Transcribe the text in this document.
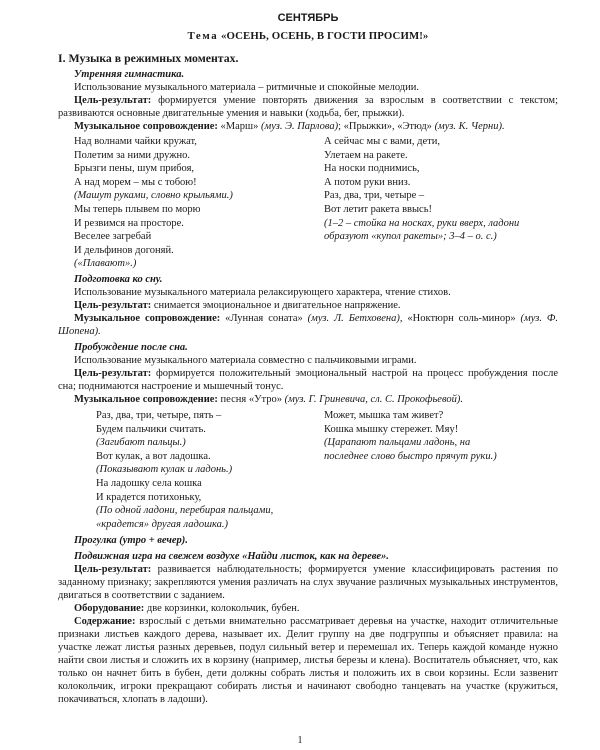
СЕНТЯБРЬ
Тема «ОСЕНЬ, ОСЕНЬ, В ГОСТИ ПРОСИМ!»
I. Музыка в режимных моментах.
Утренняя гимнастика.

Использование музыкального материала – ритмичные и спокойные мелодии.

Цель-результат: формируется умение повторять движения за взрослым в соответствии с текстом; развиваются основные двигательные умения и навыки (ходьба, бег, прыжки).

Музыкальное сопровождение: «Марш» (муз. Э. Парлова); «Прыжки», «Этюд» (муз. К. Черни).

Над волнами чайки кружат,
Полетим за ними дружно.
Брызги пены, шум прибоя,
А над морем – мы с тобою!
(Машут руками, словно крыльями.)
Мы теперь плывем по морю
И резвимся на просторе.
Веселее загребай
И дельфинов догоняй.
(«Плавают».)
А сейчас мы с вами, дети,
Улетаем на ракете.
На носки поднимись,
А потом руки вниз.
Раз, два, три, четыре –
Вот летит ракета ввысь!
(1–2 – стойка на носках, руки вверх, ладони образуют «купол ракеты»; 3–4 – о. с.)
Подготовка ко сну.

Использование музыкального материала релаксирующего характера, чтение стихов.

Цель-результат: снимается эмоциональное и двигательное напряжение.

Музыкальное сопровождение: «Лунная соната» (муз. Л. Бетховена), «Ноктюрн соль-минор» (муз. Ф. Шопена).

Пробуждение после сна.

Использование музыкального материала совместно с пальчиковыми играми.

Цель-результат: формируется положительный эмоциональный настрой на процесс пробуждения после сна; поднимаются настроение и мышечный тонус.

Музыкальное сопровождение: песня «Утро» (муз. Г. Гриневича, сл. С. Прокофьевой).

Раз, два, три, четыре, пять –
Будем пальчики считать.
(Загибают пальцы.)
Вот кулак, а вот ладошка.
(Показывают кулак и ладонь.)
На ладошку села кошка
И крадется потихоньку,
(По одной ладони, перебирая пальцами, «крадется» другая ладошка.)
Может, мышка там живет?
Кошка мышку стережет. Мяу!
(Царапают пальцами ладонь, на последнее слово быстро прячут руки.)
Прогулка (утро + вечер).
Подвижная игра на свежем воздухе «Найди листок, как на дереве».

Цель-результат: развивается наблюдательность; формируется умение классифицировать растения по заданному признаку; закрепляются умения различать на слух звучание различных музыкальных инструментов, двигаться в соответствии с заданием.

Оборудование: две корзинки, колокольчик, бубен.

Содержание: взрослый с детьми внимательно рассматривает деревья на участке, находит отличительные признаки листьев каждого дерева, называет их. Делит группу на две подгруппы и объясняет правила: на участке лежат листья разных деревьев, подул сильный ветер и перемешал их. Теперь каждой команде нужно найти свои листья и сложить их в корзину (например, листья березы и клена). Воспитатель объясняет, что, как только он начнет бить в бубен, дети должны собрать листья и положить их в свои корзины. Если зазвенит колокольчик, игроки прекращают собирать листья и начинают свободно танцевать на участке (кружиться, покачиваться, хлопать в ладоши).

1
